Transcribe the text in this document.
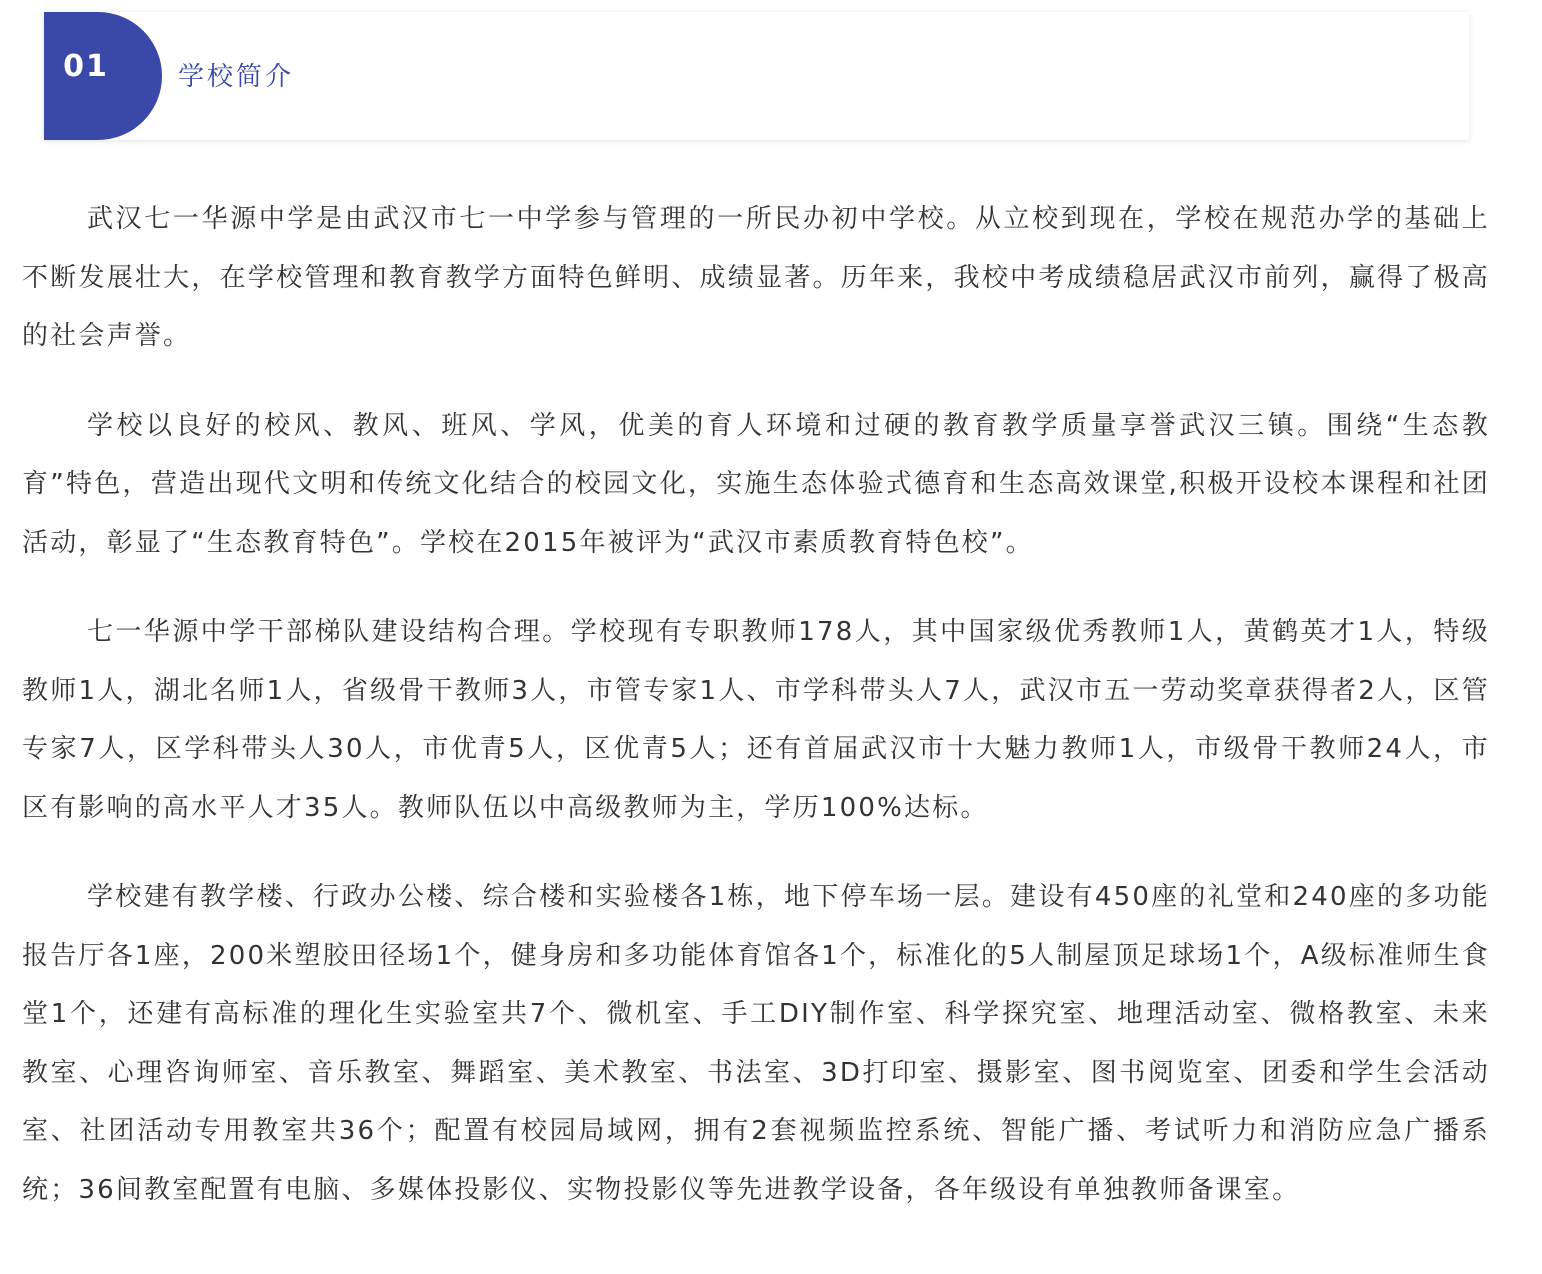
01	学校简介

武汉七一华源中学是由武汉市七一中学参与管理的一所民办初中学校。从立校到现在，学校在规范办学的基础上不断发展壮大，在学校管理和教育教学方面特色鲜明、成绩显著。历年来，我校中考成绩稳居武汉市前列，赢得了极高的社会声誉。

学校以良好的校风、教风、班风、学风，优美的育人环境和过硬的教育教学质量享誉武汉三镇。围绕“生态教育”特色，营造出现代文明和传统文化结合的校园文化，实施生态体验式德育和生态高效课堂,积极开设校本课程和社团活动，彰显了“生态教育特色”。学校在2015年被评为“武汉市素质教育特色校”。

七一华源中学干部梯队建设结构合理。学校现有专职教师178人，其中国家级优秀教师1人，黄鹤英才1人，特级教师1人，湖北名师1人，省级骨干教师3人，市管专家1人、市学科带头人7人，武汉市五一劳动奖章获得者2人，区管专家7人，区学科带头人30人，市优青5人，区优青5人；还有首届武汉市十大魅力教师1人，市级骨干教师24人，市区有影响的高水平人才35人。教师队伍以中高级教师为主，学历100%达标。

学校建有教学楼、行政办公楼、综合楼和实验楼各1栋，地下停车场一层。建设有450座的礼堂和240座的多功能报告厅各1座，200米塑胶田径场1个，健身房和多功能体育馆各1个，标准化的5人制屋顶足球场1个，A级标准师生食堂1个，还建有高标准的理化生实验室共7个、微机室、手工DIY制作室、科学探究室、地理活动室、微格教室、未来教室、心理咨询师室、音乐教室、舞蹈室、美术教室、书法室、3D打印室、摄影室、图书阅览室、团委和学生会活动室、社团活动专用教室共36个；配置有校园局域网，拥有2套视频监控系统、智能广播、考试听力和消防应急广播系统；36间教室配置有电脑、多媒体投影仪、实物投影仪等先进教学设备，各年级设有单独教师备课室。
